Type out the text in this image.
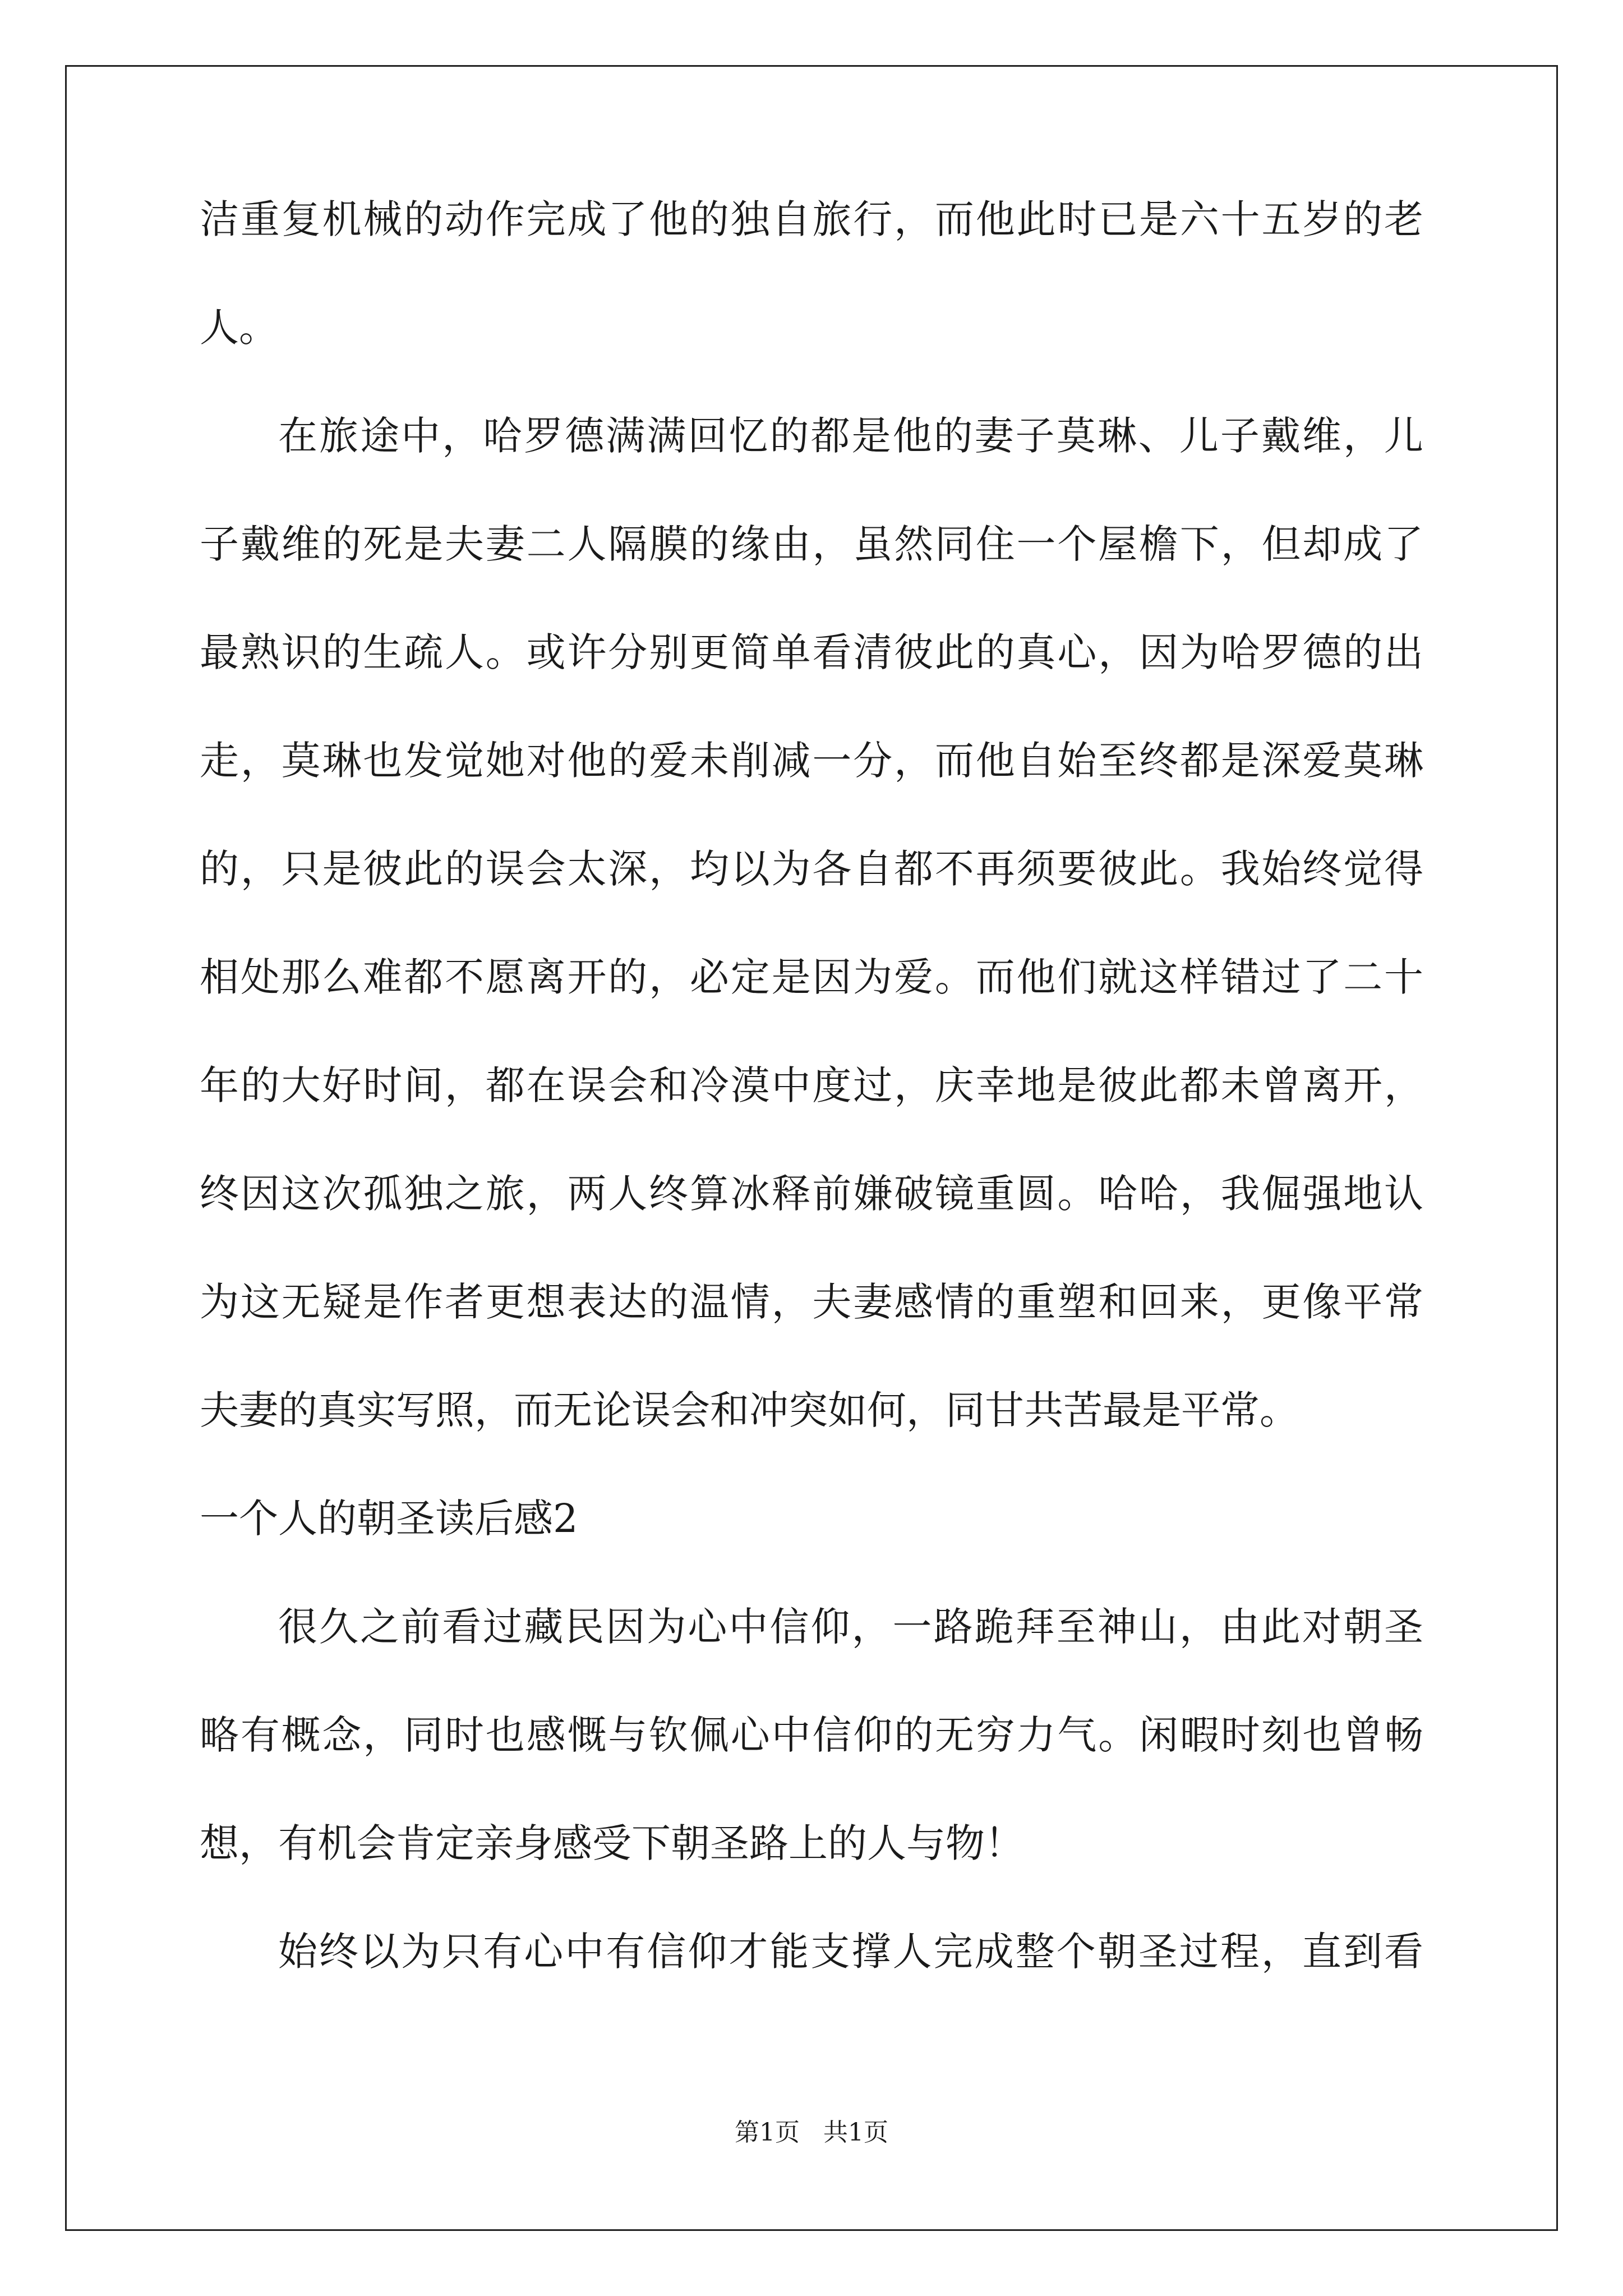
洁重复机械的动作完成了他的独自旅行，而他此时已是六十五岁的老
人。
在旅途中，哈罗德满满回忆的都是他的妻子莫琳、儿子戴维，儿
子戴维的死是夫妻二人隔膜的缘由，虽然同住一个屋檐下，但却成了
最熟识的生疏人。或许分别更简单看清彼此的真心，因为哈罗德的出
走，莫琳也发觉她对他的爱未削减一分，而他自始至终都是深爱莫琳
的，只是彼此的误会太深，均以为各自都不再须要彼此。我始终觉得
相处那么难都不愿离开的，必定是因为爱。而他们就这样错过了二十
年的大好时间，都在误会和冷漠中度过，庆幸地是彼此都未曾离开，
终因这次孤独之旅，两人终算冰释前嫌破镜重圆。哈哈，我倔强地认
为这无疑是作者更想表达的温情，夫妻感情的重塑和回来，更像平常
夫妻的真实写照，而无论误会和冲突如何，同甘共苦最是平常。
一个人的朝圣读后感2
很久之前看过藏民因为心中信仰，一路跪拜至神山，由此对朝圣
略有概念，同时也感慨与钦佩心中信仰的无穷力气。闲暇时刻也曾畅
想，有机会肯定亲身感受下朝圣路上的人与物！
始终以为只有心中有信仰才能支撑人完成整个朝圣过程，直到看
第1页 共1页
